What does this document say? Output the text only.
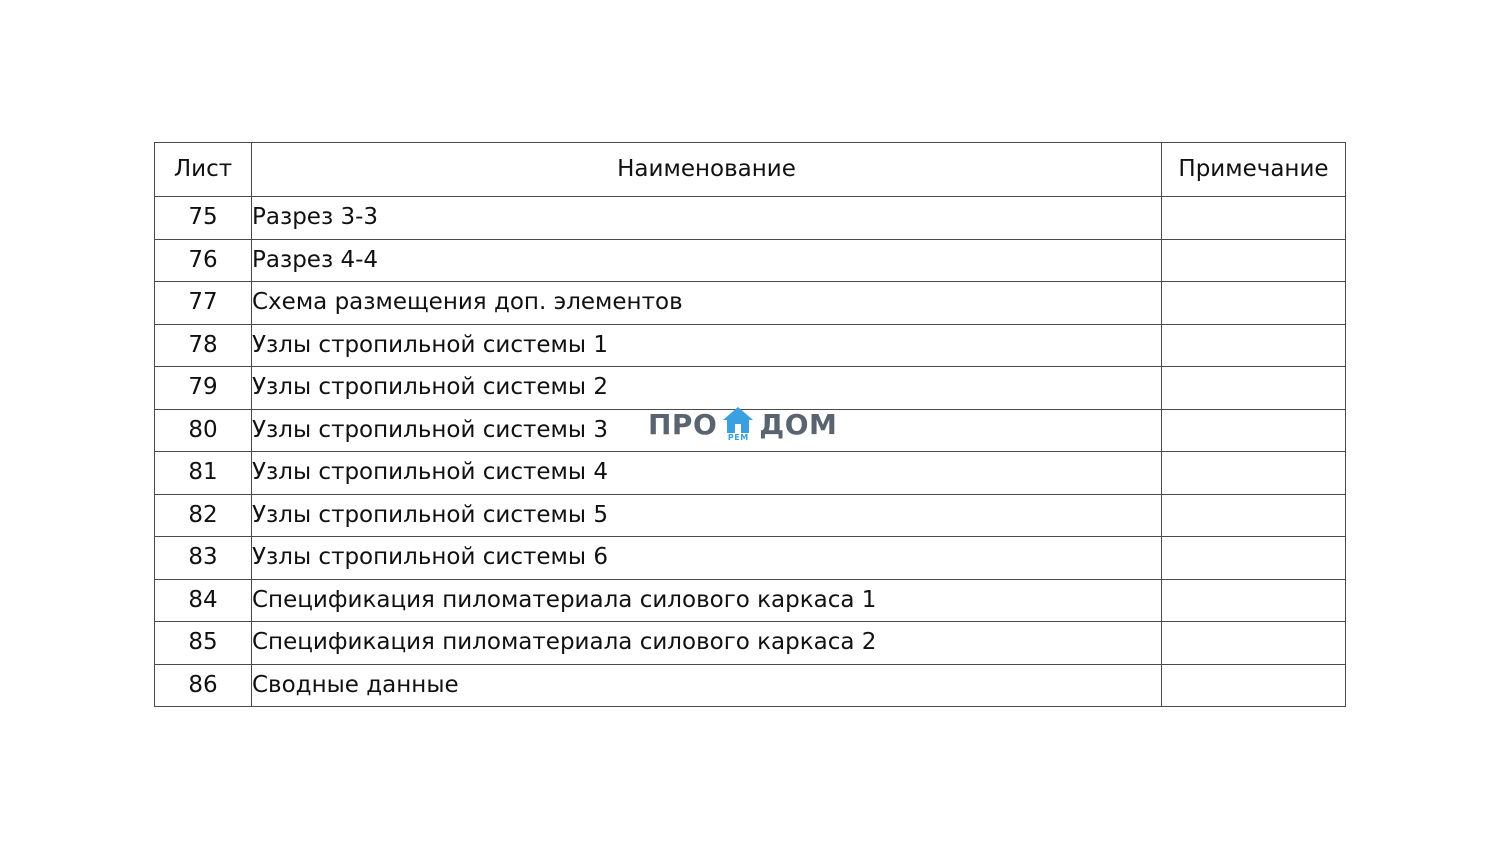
Лист	Наименование	Примечание
75	Разрез 3-3	
76	Разрез 4-4	
77	Схема размещения доп. элементов	
78	Узлы стропильной системы 1	
79	Узлы стропильной системы 2	
80	Узлы стропильной системы 3	
81	Узлы стропильной системы 4	
82	Узлы стропильной системы 5	
83	Узлы стропильной системы 6	
84	Спецификация пиломатериала силового каркаса 1	
85	Спецификация пиломатериала силового каркаса 2	
86	Сводные данные	
ПРО	РЕМ ДОМ
